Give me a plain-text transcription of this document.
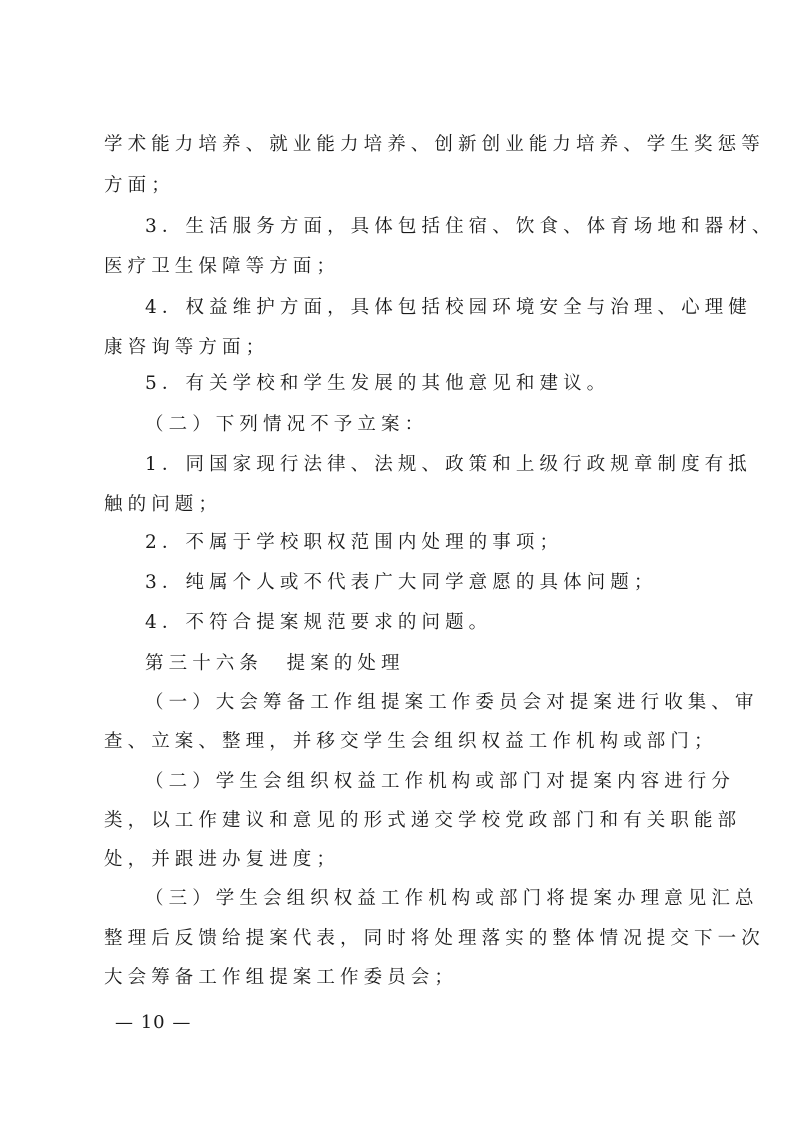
学术能力培养、就业能力培养、创新创业能力培养、学生奖惩等
方面；
3．生活服务方面，具体包括住宿、饮食、体育场地和器材、
医疗卫生保障等方面；
4．权益维护方面，具体包括校园环境安全与治理、心理健
康咨询等方面；
5．有关学校和学生发展的其他意见和建议。
（二）下列情况不予立案：
1．同国家现行法律、法规、政策和上级行政规章制度有抵
触的问题；
2．不属于学校职权范围内处理的事项；
3．纯属个人或不代表广大同学意愿的具体问题；
4．不符合提案规范要求的问题。
第三十六条　提案的处理
（一）大会筹备工作组提案工作委员会对提案进行收集、审
查、立案、整理，并移交学生会组织权益工作机构或部门；
（二）学生会组织权益工作机构或部门对提案内容进行分
类，以工作建议和意见的形式递交学校党政部门和有关职能部
处，并跟进办复进度；
（三）学生会组织权益工作机构或部门将提案办理意见汇总
整理后反馈给提案代表，同时将处理落实的整体情况提交下一次
大会筹备工作组提案工作委员会；
— 10 —
